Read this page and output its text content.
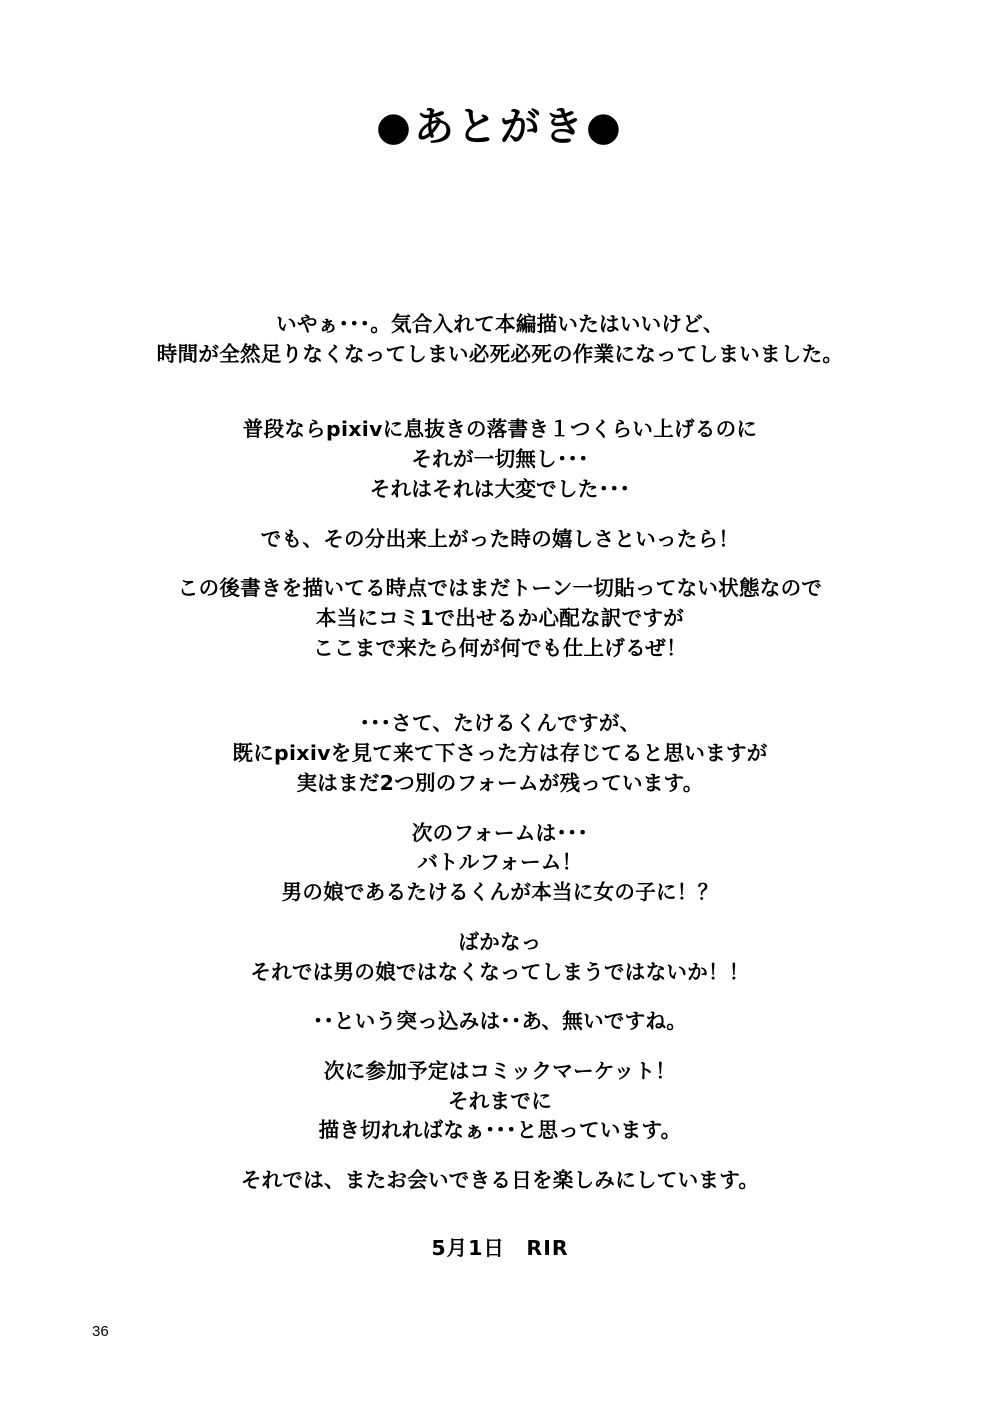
●あとがき●
いやぁ･･･。気合入れて本編描いたはいいけど、
時間が全然足りなくなってしまい必死必死の作業になってしまいました。
普段ならpixivに息抜きの落書き１つくらい上げるのに
それが一切無し･･･
それはそれは大変でした･･･
でも、その分出来上がった時の嬉しさといったら！
この後書きを描いてる時点ではまだトーン一切貼ってない状態なので
本当にコミ1で出せるか心配な訳ですが
ここまで来たら何が何でも仕上げるぜ！
･･･さて、たけるくんですが、
既にpixivを見て来て下さった方は存じてると思いますが
実はまだ2つ別のフォームが残っています。
次のフォームは･･･
バトルフォーム！
男の娘であるたけるくんが本当に女の子に！？
ばかなっ
それでは男の娘ではなくなってしまうではないか！！
･･という突っ込みは･･あ、無いですね。
次に参加予定はコミックマーケット！
それまでに
描き切れればなぁ･･･と思っています。
それでは、またお会いできる日を楽しみにしています。
5月1日　RIR
36
